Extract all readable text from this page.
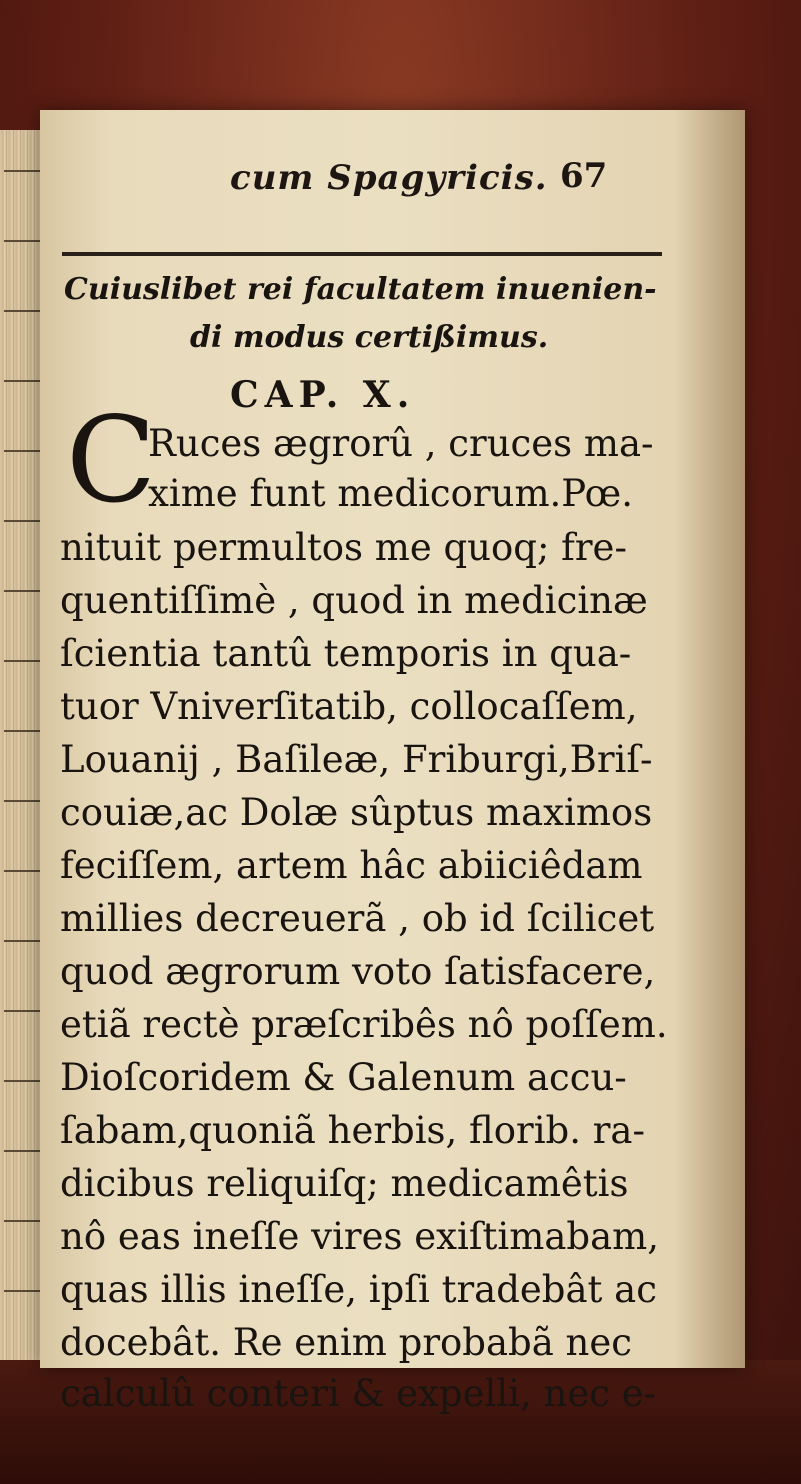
cum Spagyricis. 67
Cuiuslibet rei facultatem inuenien-
di modus certißimus.
CAP. X.
C
Ruces ægrorû , cruces ma-
xime funt medicorum.Pœ.
nituit permultos me quoq; fre-
quentiſſimè , quod in medicinæ
ſcientia tantû temporis in qua-
tuor Vniverſitatib, collocaſſem,
Louanij , Baſileæ, Friburgi,Briſ-
couiæ,ac Dolæ sûptus maximos
feciſſem, artem hâc abiiciêdam
millies decreuerã , ob id ſcilicet
quod ægrorum voto ſatisfacere,
etiã rectè præſcribês nô poſſem.
Dioſcoridem & Galenum accu-
ſabam,quoniã herbis, florib. ra-
dicibus reliquiſq; medicamêtis
nô eas ineſſe vires exiſtimabam,
quas illis ineſſe, ipſi tradebât ac
docebât. Re enim probabã nec
calculû conteri & expelli, nec e-
